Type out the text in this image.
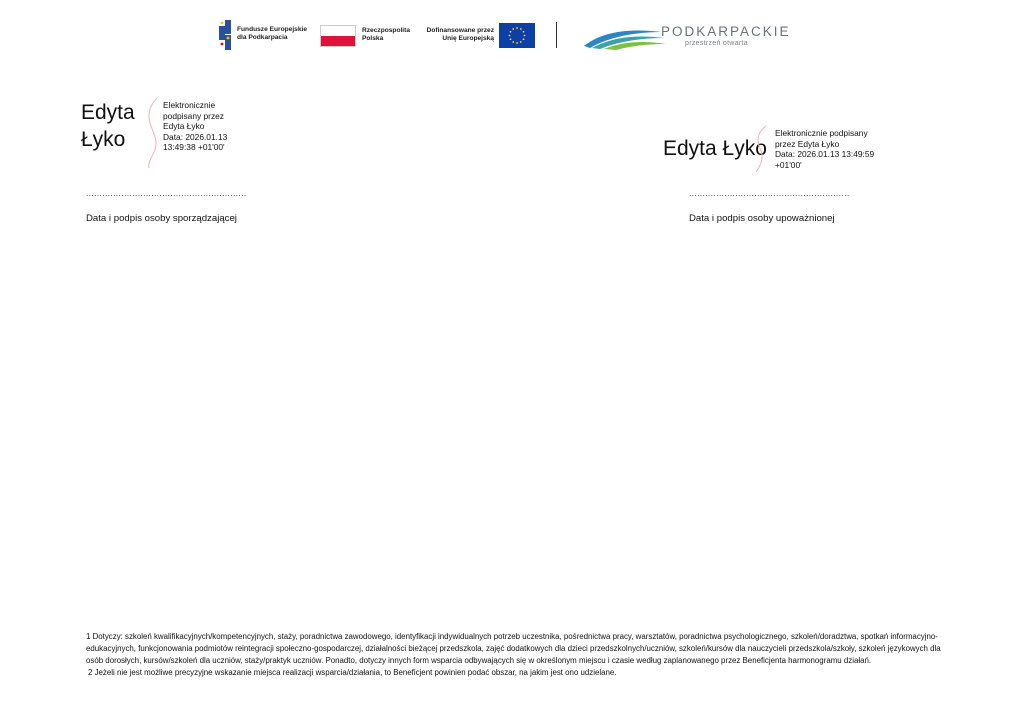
Fundusze Europejskie
dla Podkarpacia
Rzeczpospolita
Polska
Dofinansowane przez
Unię Europejską	PODKARPACKIE
przestrzeń otwarta
Edyta
Łyko
Elektronicznie
podpisany przez
Edyta Łyko
Data: 2026.01.13
13:49:38 +01'00'
...........................................................
Data i podpis osoby sporządzającej
Edyta Łyko
Elektronicznie podpisany
przez Edyta Łyko
Data: 2026.01.13 13:49:59
+01'00'
...........................................................
Data i podpis osoby upoważnionej

1 Dotyczy: szkoleń kwalifikacyjnych/kompetencyjnych, staży, poradnictwa zawodowego, identyfikacji indywidualnych potrzeb uczestnika, pośrednictwa pracy, warsztatów, poradnictwa psychologicznego, szkoleń/doradztwa, spotkań informacyjno-edukacyjnych, funkcjonowania podmiotów reintegracji społeczno-gospodarczej, działalności bieżącej przedszkola, zajęć dodatkowych dla dzieci przedszkolnych/uczniów, szkoleń/kursów dla nauczycieli przedszkola/szkoły, szkoleń językowych dla osób dorosłych, kursów/szkoleń dla uczniów, staży/praktyk uczniów. Ponadto, dotyczy innych form wsparcia odbywających się w określonym miejscu i czasie według zaplanowanego przez Beneficjenta harmonogramu działań.

2 Jeżeli nie jest możliwe precyzyjne wskazanie miejsca realizacji wsparcia/działania, to Beneficjent powinien podać obszar, na jakim jest ono udzielane.
